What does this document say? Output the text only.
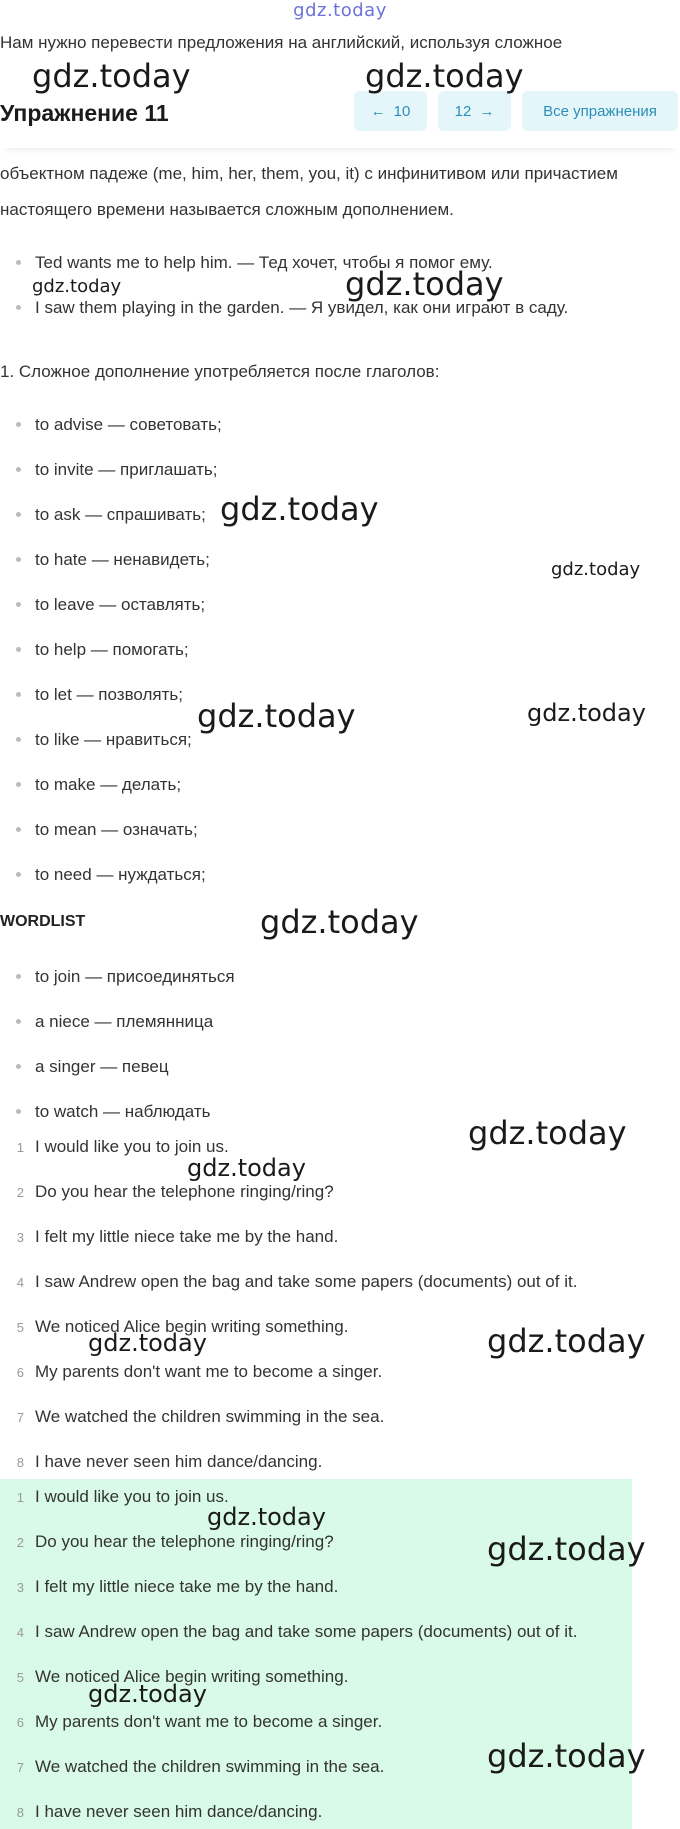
gdz.today
Нам нужно перевести предложения на английский, используя сложное
объектном падеже (me, him, her, them, you, it) с инфинитивом или причастием
настоящего времени называется сложным дополнением.
Ted wants me to help him. — Тед хочет, чтобы я помог ему.
I saw them playing in the garden. — Я увидел, как они играют в саду.
1. Сложное дополнение употребляется после глаголов:
to advise — советовать;
to invite — приглашать;
to ask — спрашивать;
to hate — ненавидеть;
to leave — оставлять;
to help — помогать;
to let — позволять;
to like — нравиться;
to make — делать;
to mean — означать;
to need — нуждаться;
WORDLIST
to join — присоединяться
a niece — племянница
a singer — певец
to watch — наблюдать
1 I would like you to join us.
2 Do you hear the telephone ringing/ring?
3 I felt my little niece take me by the hand.
4 I saw Andrew open the bag and take some papers (documents) out of it.
5 We noticed Alice begin writing something.
6 My parents don't want me to become a singer.
7 We watched the children swimming in the sea.
8 I have never seen him dance/dancing.
1 I would like you to join us.
2 Do you hear the telephone ringing/ring?
3 I felt my little niece take me by the hand.
4 I saw Andrew open the bag and take some papers (documents) out of it.
5 We noticed Alice begin writing something.
6 My parents don't want me to become a singer.
7 We watched the children swimming in the sea.
8 I have never seen him dance/dancing.
Упражнение 11	← 10	12 →	Все упражнения
gdz.today	gdz.today
gdz.today	gdz.today
gdz.today
gdz.today
gdz.today	gdz.today
gdz.today
gdz.today
gdz.today
gdz.today	gdz.today
gdz.today
gdz.today
gdz.today
gdz.today
